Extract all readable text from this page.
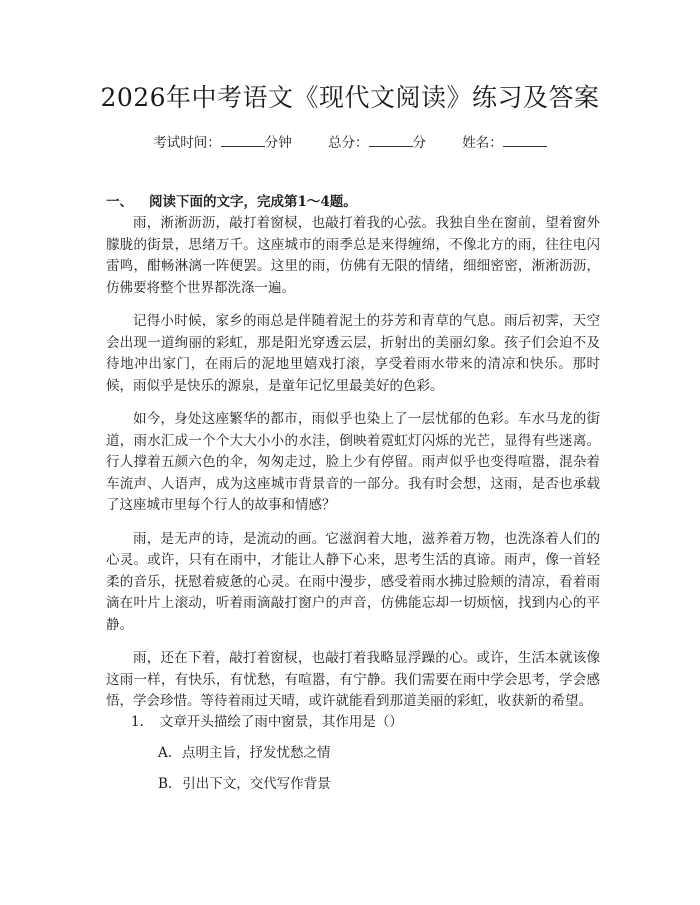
2026年中考语文《现代文阅读》练习及答案
考试时间：	分钟	总分：	分	姓名：
一、 阅读下面的文字，完成第1～4题。

雨，淅淅沥沥，敲打着窗棂，也敲打着我的心弦。我独自坐在窗前，望着窗外朦胧的街景，思绪万千。这座城市的雨季总是来得缠绵，不像北方的雨，往往电闪雷鸣，酣畅淋漓一阵便罢。这里的雨，仿佛有无限的情绪，细细密密，淅淅沥沥，仿佛要将整个世界都洗涤一遍。

记得小时候，家乡的雨总是伴随着泥土的芬芳和青草的气息。雨后初霁，天空会出现一道绚丽的彩虹，那是阳光穿透云层，折射出的美丽幻象。孩子们会迫不及待地冲出家门，在雨后的泥地里嬉戏打滚，享受着雨水带来的清凉和快乐。那时候，雨似乎是快乐的源泉，是童年记忆里最美好的色彩。

如今，身处这座繁华的都市，雨似乎也染上了一层忧郁的色彩。车水马龙的街道，雨水汇成一个个大大小小的水洼，倒映着霓虹灯闪烁的光芒，显得有些迷离。行人撑着五颜六色的伞，匆匆走过，脸上少有停留。雨声似乎也变得喧嚣，混杂着车流声、人语声，成为这座城市背景音的一部分。我有时会想，这雨，是否也承载了这座城市里每个行人的故事和情感？

雨，是无声的诗，是流动的画。它滋润着大地，滋养着万物，也洗涤着人们的心灵。或许，只有在雨中，才能让人静下心来，思考生活的真谛。雨声，像一首轻柔的音乐，抚慰着疲惫的心灵。在雨中漫步，感受着雨水拂过脸颊的清凉，看着雨滴在叶片上滚动，听着雨滴敲打窗户的声音，仿佛能忘却一切烦恼，找到内心的平静。

雨，还在下着，敲打着窗棂，也敲打着我略显浮躁的心。或许，生活本就该像这雨一样，有快乐，有忧愁，有喧嚣，有宁静。我们需要在雨中学会思考，学会感悟，学会珍惜。等待着雨过天晴，或许就能看到那道美丽的彩虹，收获新的希望。

1. 文章开头描绘了雨中窗景，其作用是（）
A. 点明主旨，抒发忧愁之情
B. 引出下文，交代写作背景
